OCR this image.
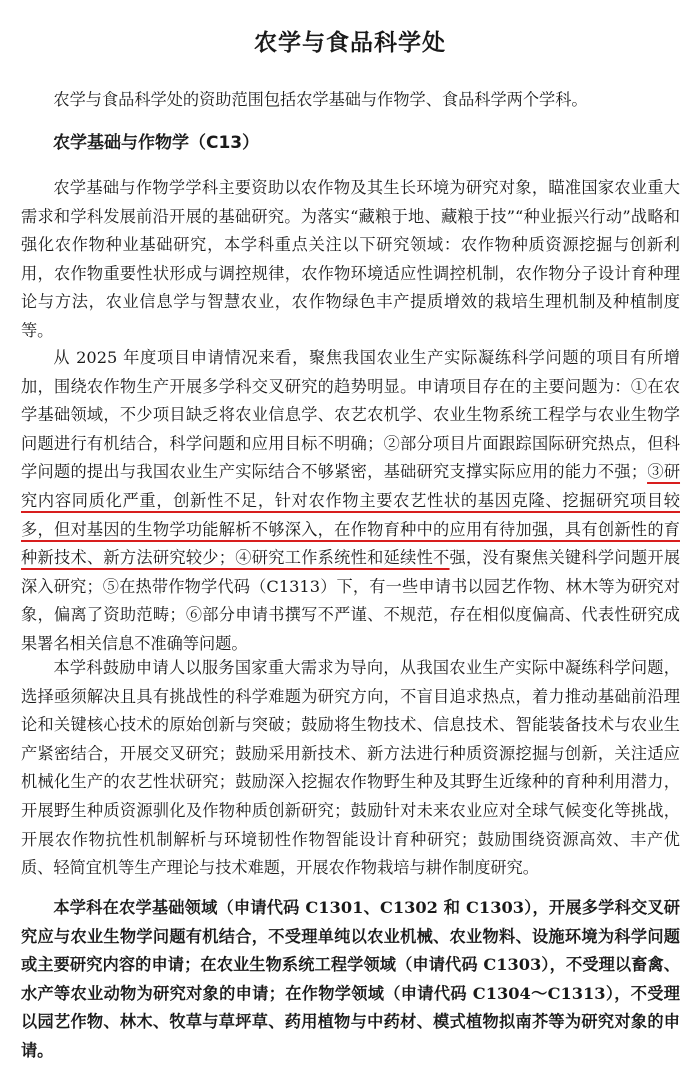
农学与食品科学处

农学与食品科学处的资助范围包括农学基础与作物学、食品科学两个学科。

农学基础与作物学（C13）

农学基础与作物学学科主要资助以农作物及其生长环境为研究对象，瞄准国家农业重大需求和学科发展前沿开展的基础研究。为落实“藏粮于地、藏粮于技”“种业振兴行动”战略和强化农作物种业基础研究，本学科重点关注以下研究领域：农作物种质资源挖掘与创新利用，农作物重要性状形成与调控规律，农作物环境适应性调控机制，农作物分子设计育种理论与方法，农业信息学与智慧农业，农作物绿色丰产提质增效的栽培生理机制及种植制度等。

从 2025 年度项目申请情况来看，聚焦我国农业生产实际凝练科学问题的项目有所增加，围绕农作物生产开展多学科交叉研究的趋势明显。申请项目存在的主要问题为：①在农学基础领域，不少项目缺乏将农业信息学、农艺农机学、农业生物系统工程学与农业生物学问题进行有机结合，科学问题和应用目标不明确；②部分项目片面跟踪国际研究热点，但科学问题的提出与我国农业生产实际结合不够紧密，基础研究支撑实际应用的能力不强；③研究内容同质化严重，创新性不足，针对农作物主要农艺性状的基因克隆、挖掘研究项目较多，但对基因的生物学功能解析不够深入，在作物育种中的应用有待加强，具有创新性的育种新技术、新方法研究较少；④研究工作系统性和延续性不强，没有聚焦关键科学问题开展深入研究；⑤在热带作物学代码（C1313）下，有一些申请书以园艺作物、林木等为研究对象，偏离了资助范畴；⑥部分申请书撰写不严谨、不规范，存在相似度偏高、代表性研究成果署名相关信息不准确等问题。

本学科鼓励申请人以服务国家重大需求为导向，从我国农业生产实际中凝练科学问题，选择亟须解决且具有挑战性的科学难题为研究方向，不盲目追求热点，着力推动基础前沿理论和关键核心技术的原始创新与突破；鼓励将生物技术、信息技术、智能装备技术与农业生产紧密结合，开展交叉研究；鼓励采用新技术、新方法进行种质资源挖掘与创新，关注适应机械化生产的农艺性状研究；鼓励深入挖掘农作物野生种及其野生近缘种的育种利用潜力，开展野生种质资源驯化及作物种质创新研究；鼓励针对未来农业应对全球气候变化等挑战，开展农作物抗性机制解析与环境韧性作物智能设计育种研究；鼓励围绕资源高效、丰产优质、轻简宜机等生产理论与技术难题，开展农作物栽培与耕作制度研究。

本学科在农学基础领域（申请代码 C1301、C1302 和 C1303），开展多学科交叉研究应与农业生物学问题有机结合，不受理单纯以农业机械、农业物料、设施环境为科学问题或主要研究内容的申请；在农业生物系统工程学领域（申请代码 C1303），不受理以畜禽、水产等农业动物为研究对象的申请；在作物学领域（申请代码 C1304～C1313），不受理以园艺作物、林木、牧草与草坪草、药用植物与中药材、模式植物拟南芥等为研究对象的申请。
